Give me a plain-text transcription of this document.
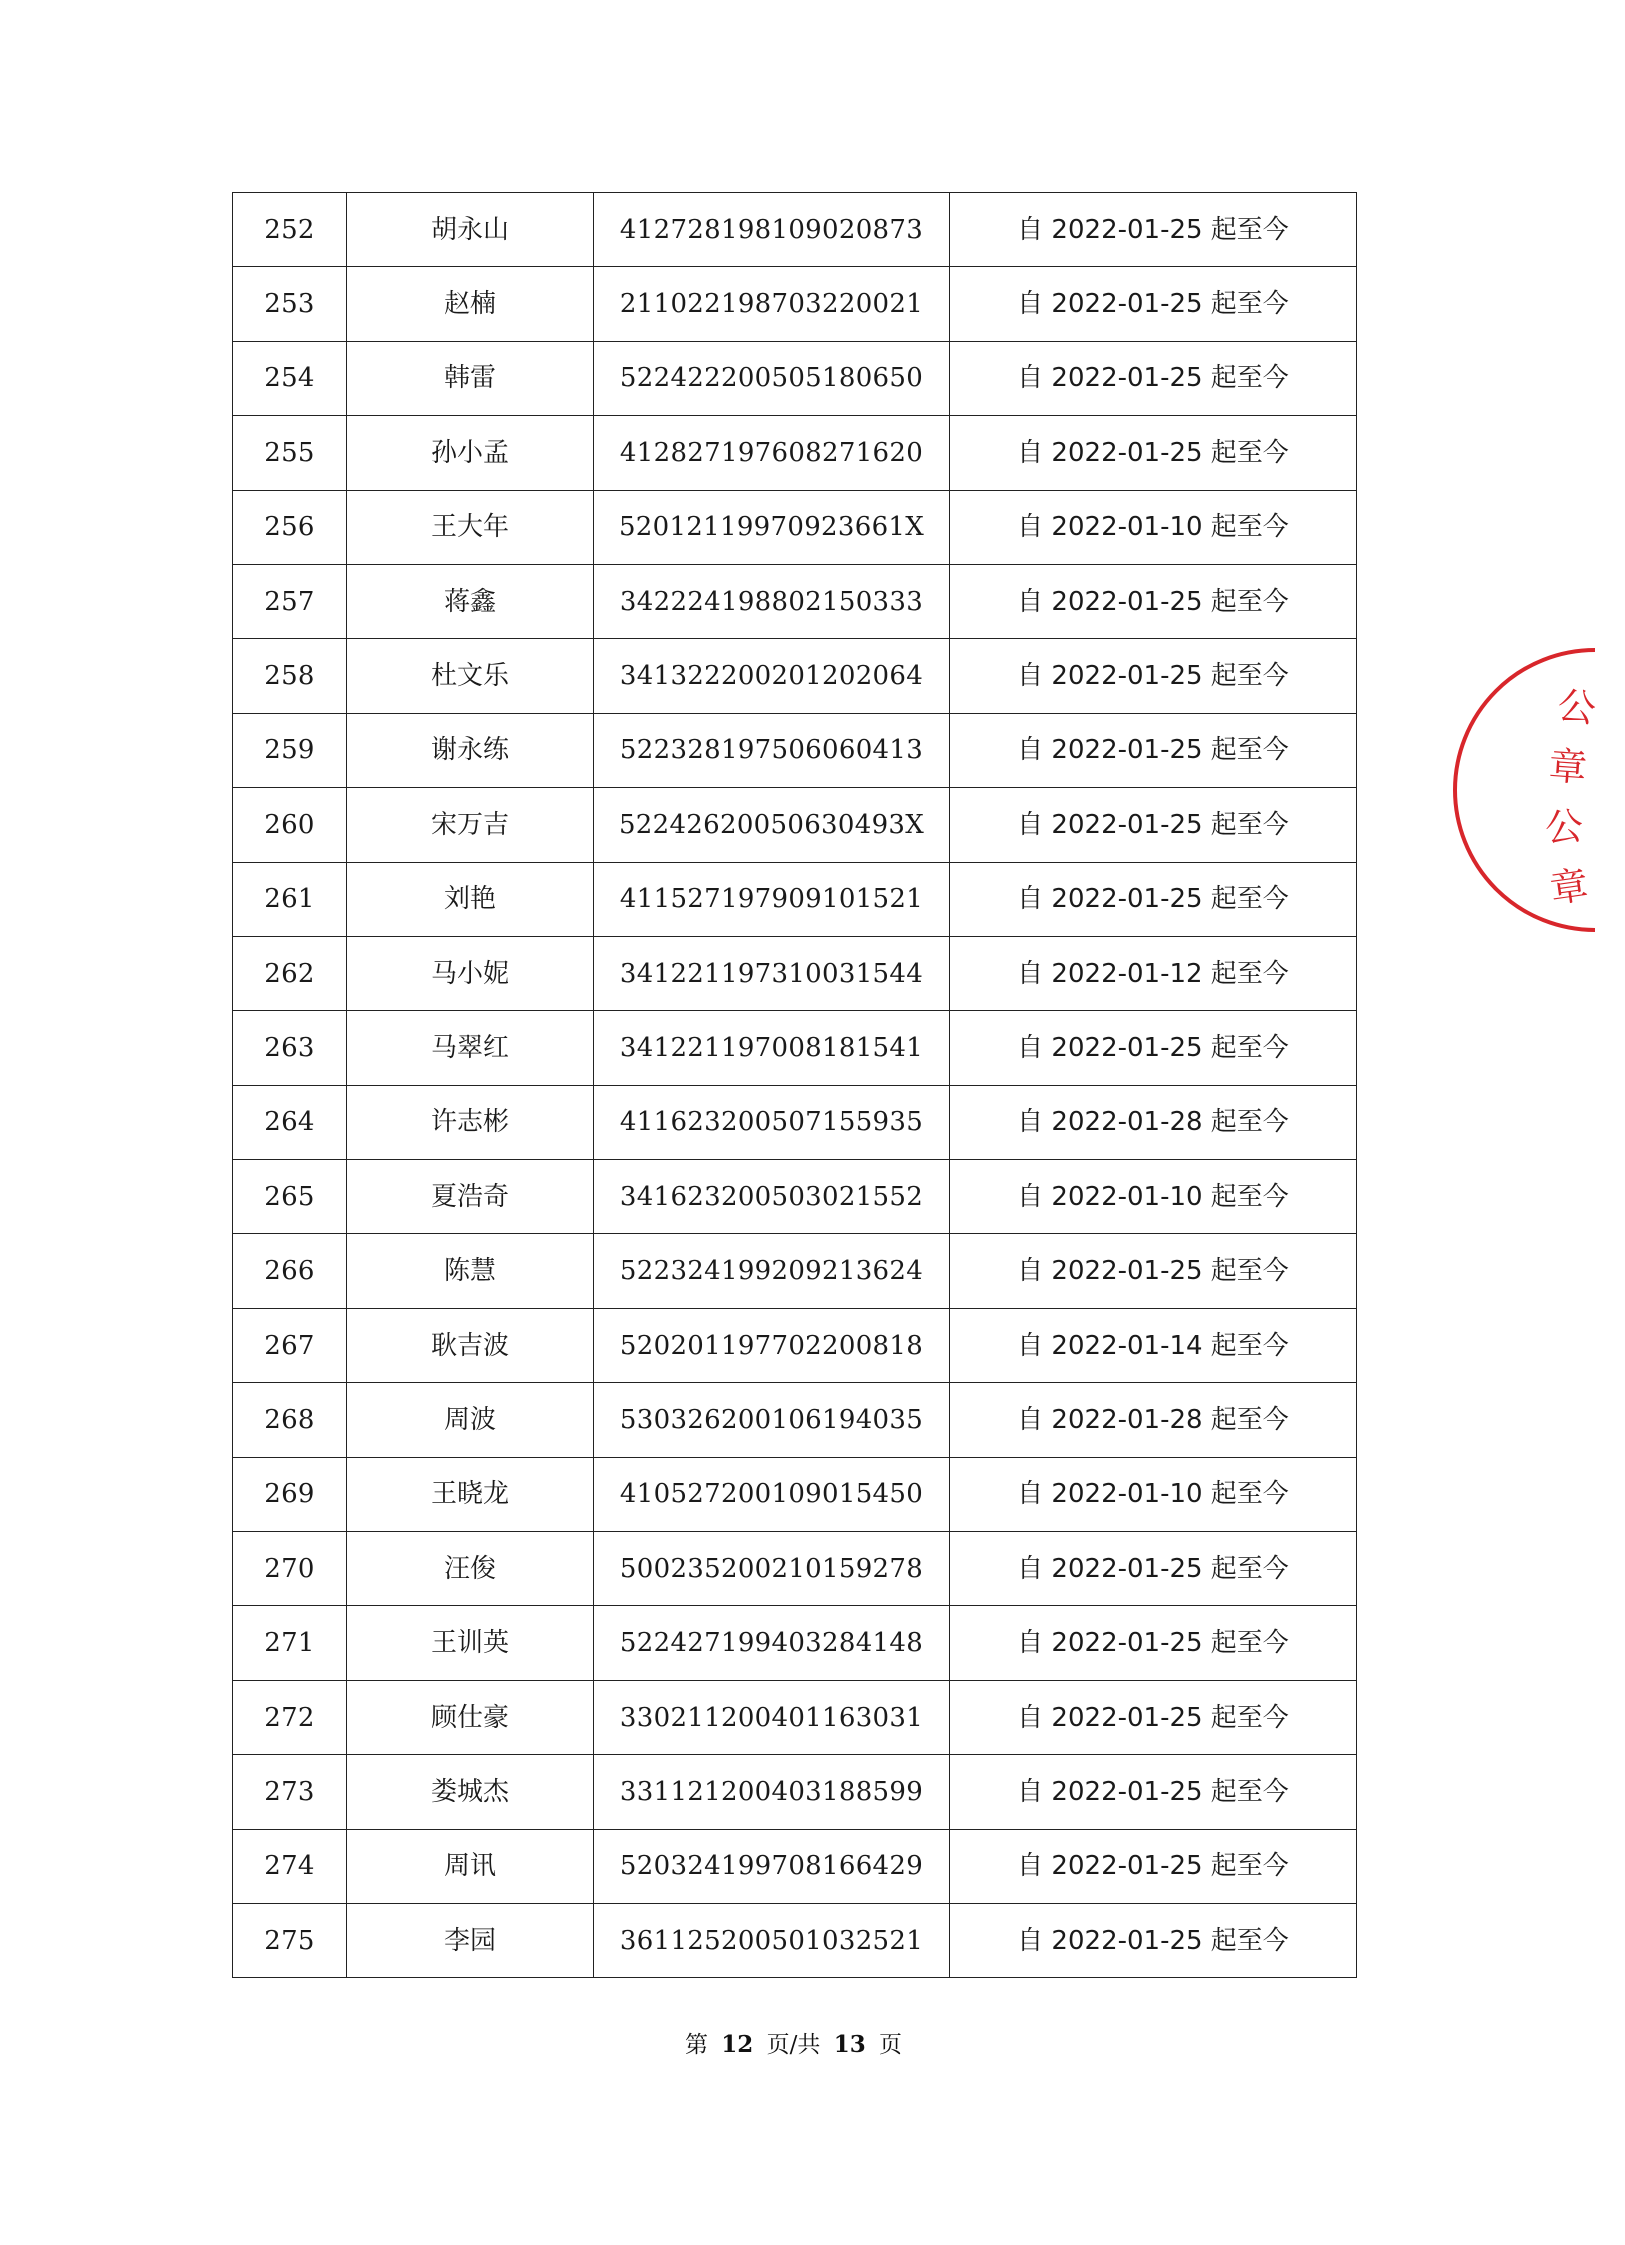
252	胡永山	412728198109020873	自 2022-01-25 起至今
253	赵楠	211022198703220021	自 2022-01-25 起至今
254	韩雷	522422200505180650	自 2022-01-25 起至今
255	孙小孟	412827197608271620	自 2022-01-25 起至今
256	王大年	52012119970923661X	自 2022-01-10 起至今
257	蒋鑫	342224198802150333	自 2022-01-25 起至今
258	杜文乐	341322200201202064	自 2022-01-25 起至今
259	谢永练	522328197506060413	自 2022-01-25 起至今
260	宋万吉	52242620050630493X	自 2022-01-25 起至今
261	刘艳	411527197909101521	自 2022-01-25 起至今
262	马小妮	341221197310031544	自 2022-01-12 起至今
263	马翠红	341221197008181541	自 2022-01-25 起至今
264	许志彬	411623200507155935	自 2022-01-28 起至今
265	夏浩奇	341623200503021552	自 2022-01-10 起至今
266	陈慧	522324199209213624	自 2022-01-25 起至今
267	耿吉波	520201197702200818	自 2022-01-14 起至今
268	周波	530326200106194035	自 2022-01-28 起至今
269	王晓龙	410527200109015450	自 2022-01-10 起至今
270	汪俊	500235200210159278	自 2022-01-25 起至今
271	王训英	522427199403284148	自 2022-01-25 起至今
272	顾仕豪	330211200401163031	自 2022-01-25 起至今
273	娄城杰	331121200403188599	自 2022-01-25 起至今
274	周讯	520324199708166429	自 2022-01-25 起至今
275	李园	361125200501032521	自 2022-01-25 起至今
第 12 页/共 13 页
公
章
公
章
